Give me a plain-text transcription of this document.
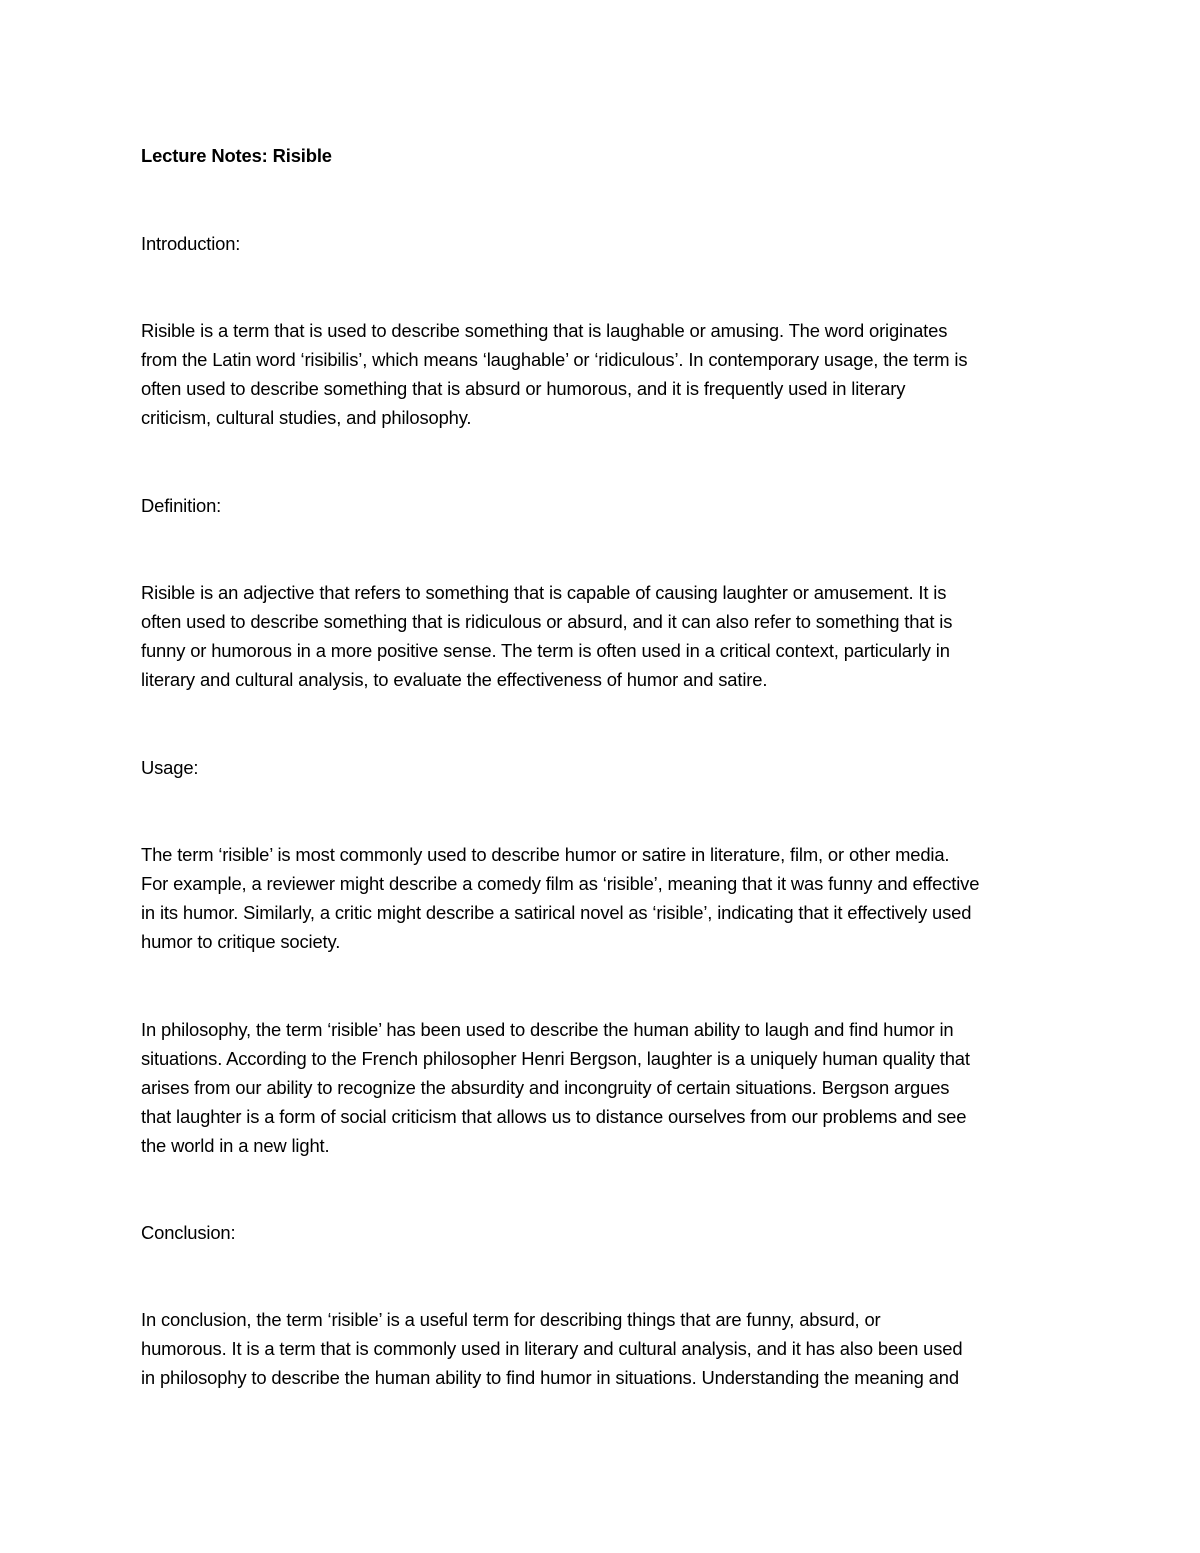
Lecture Notes: Risible
Introduction:
Risible is a term that is used to describe something that is laughable or amusing. The word originates
from the Latin word ‘risibilis’, which means ‘laughable’ or ‘ridiculous’. In contemporary usage, the term is
often used to describe something that is absurd or humorous, and it is frequently used in literary
criticism, cultural studies, and philosophy.
Definition:
Risible is an adjective that refers to something that is capable of causing laughter or amusement. It is
often used to describe something that is ridiculous or absurd, and it can also refer to something that is
funny or humorous in a more positive sense. The term is often used in a critical context, particularly in
literary and cultural analysis, to evaluate the effectiveness of humor and satire.
Usage:
The term ‘risible’ is most commonly used to describe humor or satire in literature, film, or other media.
For example, a reviewer might describe a comedy film as ‘risible’, meaning that it was funny and effective
in its humor. Similarly, a critic might describe a satirical novel as ‘risible’, indicating that it effectively used
humor to critique society.
In philosophy, the term ‘risible’ has been used to describe the human ability to laugh and find humor in
situations. According to the French philosopher Henri Bergson, laughter is a uniquely human quality that
arises from our ability to recognize the absurdity and incongruity of certain situations. Bergson argues
that laughter is a form of social criticism that allows us to distance ourselves from our problems and see
the world in a new light.
Conclusion:
In conclusion, the term ‘risible’ is a useful term for describing things that are funny, absurd, or
humorous. It is a term that is commonly used in literary and cultural analysis, and it has also been used
in philosophy to describe the human ability to find humor in situations. Understanding the meaning and
